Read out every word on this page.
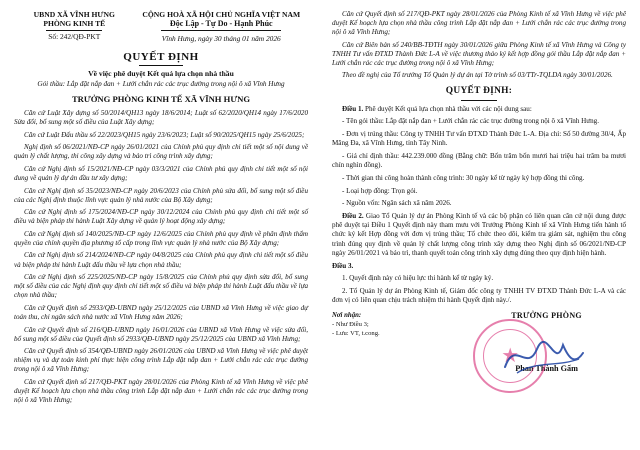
UBND XÃ VĨNH HƯNG
PHÒNG KINH TẾ
Số: 242/QĐ-PKT
CỘNG HOÀ XÃ HỘI CHỦ NGHĨA VIỆT NAM
Độc Lập - Tự Do - Hạnh Phúc
Vĩnh Hưng, ngày 30 tháng 01 năm 2026
QUYẾT ĐỊNH
Về việc phê duyệt Kết quả lựa chọn nhà thầu
Gói thầu: Lắp đặt nắp đan + Lưới chắn rác các trục đường trong nội ô xã Vĩnh Hưng
TRƯỞNG PHÒNG KINH TẾ XÃ VĨNH HƯNG

Căn cứ Luật Xây dựng số 50/2014/QH13 ngày 18/6/2014; Luật số 62/2020/QH14 ngày 17/6/2020 Sửa đổi, bổ sung một số điều của Luật Xây dựng;

Căn cứ Luật Đấu thầu số 22/2023/QH15 ngày 23/6/2023; Luật số 90/2025/QH15 ngày 25/6/2025;

Nghị định số 06/2021/NĐ-CP ngày 26/01/2021 của Chính phủ quy định chi tiết một số nội dung về quản lý chất lượng, thi công xây dựng và bảo trì công trình xây dựng;

Căn cứ Nghị định số 15/2021/NĐ-CP ngày 03/3/2021 của Chính phủ quy định chi tiết một số nội dung về quản lý dự án đầu tư xây dựng;

Căn cứ Nghị định số 35/2023/NĐ-CP ngày 20/6/2023 của Chính phủ sửa đổi, bổ sung một số điều của các Nghị định thuộc lĩnh vực quản lý nhà nước của Bộ Xây dựng;

Căn cứ Nghị định số 175/2024/NĐ-CP ngày 30/12/2024 của Chính phủ quy định chi tiết một số điều và biện pháp thi hành Luật Xây dựng về quản lý hoạt động xây dựng;

Căn cứ Nghị định số 140/2025/NĐ-CP ngày 12/6/2025 của Chính phủ quy định về phân định thẩm quyền của chính quyền địa phương tổ cấp trong lĩnh vực quản lý nhà nước của Bộ Xây dựng;

Căn cứ Nghị định số 214/2024/NĐ-CP ngày 04/8/2025 của Chính phủ quy định chi tiết một số điều và biện pháp thi hành Luật đấu thầu về lựa chọn nhà thầu;

Căn cứ Nghị định số 225/2025/NĐ-CP ngày 15/8/2025 của Chính phủ quy định sửa đổi, bổ sung một số điều của các Nghị định quy định chi tiết một số điều và biện pháp thi hành Luật đấu thầu về lựa chọn nhà thầu;

Căn cứ Quyết định số 2933/QĐ-UBND ngày 25/12/2025 của UBND xã Vĩnh Hưng về việc giao dự toán thu, chi ngân sách nhà nước xã Vĩnh Hưng năm 2026;

Căn cứ Quyết định số 216/QĐ-UBND ngày 16/01/2026 của UBND xã Vĩnh Hưng về việc sửa đổi, bổ sung một số điều của Quyết định số 2933/QĐ-UBND ngày 25/12/2025 của UBND xã Vĩnh Hưng;

Căn cứ Quyết định số 354/QĐ-UBND ngày 26/01/2026 của UBND xã Vĩnh Hưng về việc phê duyệt nhiệm vụ và dự toán kinh phí thực hiện công trình Lắp đặt nắp đan + Lưới chắn rác các trục đường trong nội ô xã Vĩnh Hưng;

Căn cứ Quyết định số 217/QĐ-PKT ngày 28/01/2026 của Phòng Kinh tế xã Vĩnh Hưng về việc phê duyệt Kế hoạch lựa chọn nhà thầu công trình Lắp đặt nắp đan + Lưới chắn rác các trục đường trong nội ô xã Vĩnh Hưng;

Căn cứ Quyết định số 217/QĐ-PKT ngày 28/01/2026 của Phòng Kinh tế xã Vĩnh Hưng về việc phê duyệt Kế hoạch lựa chọn nhà thầu công trình Lắp đặt nắp đan + Lưới chắn rác các trục đường trong nội ô xã Vĩnh Hưng;

Căn cứ Biên bản số 240/BB-TĐTH ngày 30/01/2026 giữa Phòng Kinh tế xã Vĩnh Hưng và Công ty TNHH Tư vấn ĐTXD Thành Đức L-A về việc thương thảo ký kết hợp đồng gói thầu Lắp đặt nắp đan + Lưới chắn rác các trục đường trong nội ô xã Vĩnh Hưng;

Theo đề nghị của Tổ trưởng Tổ Quản lý dự án tại Tờ trình số 03/TTr-TQLDA ngày 30/01/2026.

QUYẾT ĐỊNH:

Điều 1. Phê duyệt Kết quả lựa chọn nhà thầu với các nội dung sau:

- Tên gói thầu: Lắp đặt nắp đan + Lưới chắn rác các trục đường trong nội ô xã Vĩnh Hưng.

- Đơn vị trúng thầu: Công ty TNHH Tư vấn ĐTXD Thành Đức L-A. Địa chỉ: Số 50 đường 30/4, Ấp Măng Đa, xã Vĩnh Hưng, tỉnh Tây Ninh.

- Giá chỉ định thầu: 442.239.000 đồng (Bằng chữ: Bốn trăm bốn mươi hai triệu hai trăm ba mươi chín nghìn đồng).

- Thời gian thi công hoàn thành công trình: 30 ngày kể từ ngày ký hợp đồng thi công.

- Loại hợp đồng: Trọn gói.

- Nguồn vốn: Ngân sách xã năm 2026.

Điều 2. Giao Tổ Quản lý dự án Phòng Kinh tế và các bộ phận có liên quan căn cứ nội dung được phê duyệt tại Điều 1 Quyết định này tham mưu với Trưởng Phòng Kinh tế xã Vĩnh Hưng tiến hành tổ chức ký kết Hợp đồng với đơn vị trúng thầu; Tổ chức theo dõi, kiểm tra giám sát, nghiệm thu công trình đúng quy định về quản lý chất lượng công trình xây dựng theo Nghị định số 06/2021/NĐ-CP ngày 26/01/2021 và báo trì, thanh quyết toán công trình xây dựng đúng theo quy định hiện hành.

Điều 3.

1. Quyết định này có hiệu lực thi hành kể từ ngày ký.

2. Tổ Quản lý dự án Phòng Kinh tế, Giám đốc công ty TNHH TV ĐTXD Thành Đức L-A và các đơn vị có liên quan chịu trách nhiệm thi hành Quyết định này./.

Nơi nhận:
- Như Điều 3;
- Lưu: VT, t.cong.
TRƯỞNG PHÒNG
★
Phan Thành Gấm
